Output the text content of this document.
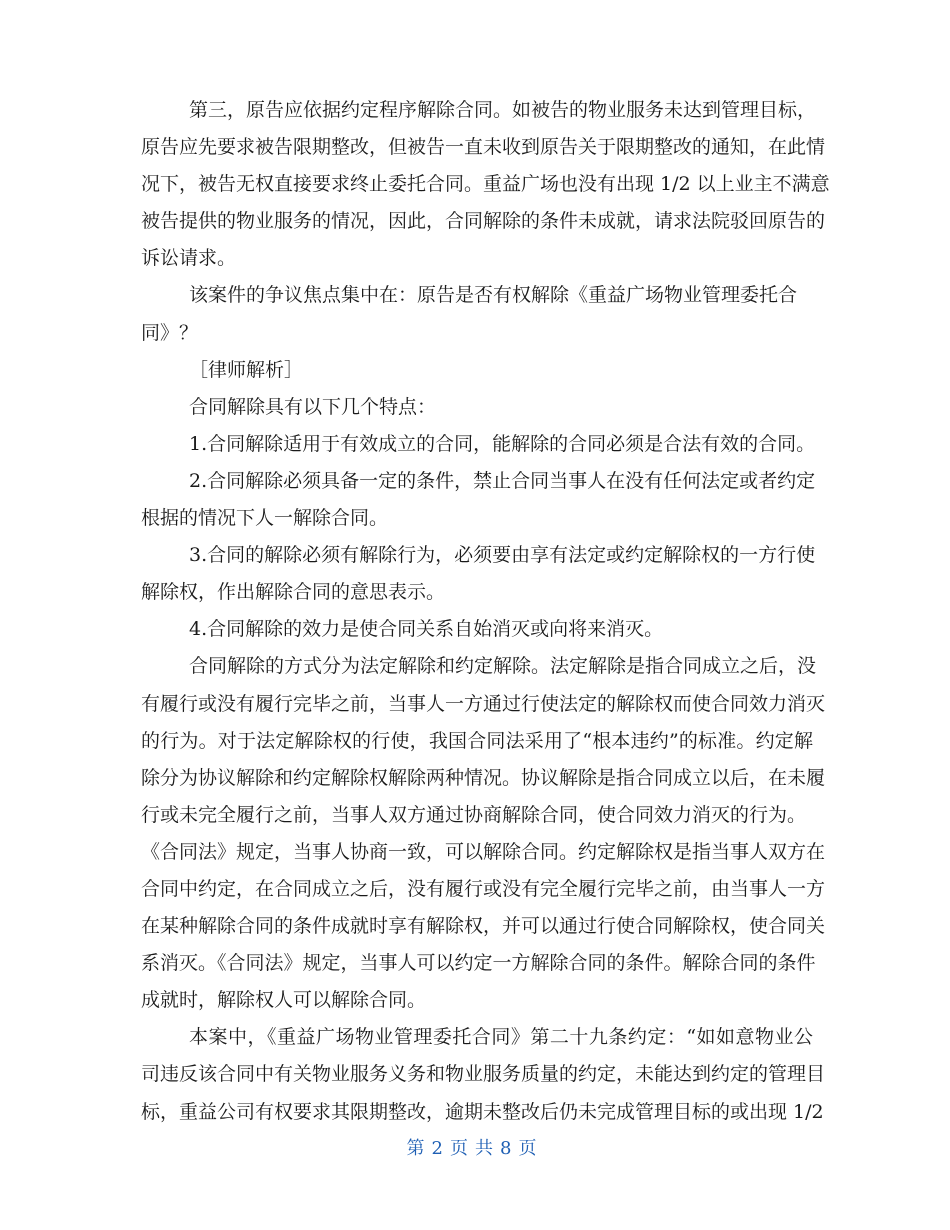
第三，原告应依据约定程序解除合同。如被告的物业服务未达到管理目标，
原告应先要求被告限期整改，但被告一直未收到原告关于限期整改的通知，在此情
况下，被告无权直接要求终止委托合同。重益广场也没有出现 1/2 以上业主不满意
被告提供的物业服务的情况，因此，合同解除的条件未成就，请求法院驳回原告的
诉讼请求。
该案件的争议焦点集中在：原告是否有权解除《重益广场物业管理委托合
同》？
［律师解析］
合同解除具有以下几个特点：
1.合同解除适用于有效成立的合同，能解除的合同必须是合法有效的合同。
2.合同解除必须具备一定的条件，禁止合同当事人在没有任何法定或者约定
根据的情况下人一解除合同。
3.合同的解除必须有解除行为，必须要由享有法定或约定解除权的一方行使
解除权，作出解除合同的意思表示。
4.合同解除的效力是使合同关系自始消灭或向将来消灭。
合同解除的方式分为法定解除和约定解除。法定解除是指合同成立之后，没
有履行或没有履行完毕之前，当事人一方通过行使法定的解除权而使合同效力消灭
的行为。对于法定解除权的行使，我国合同法采用了“根本违约”的标准。约定解
除分为协议解除和约定解除权解除两种情况。协议解除是指合同成立以后，在未履
行或未完全履行之前，当事人双方通过协商解除合同，使合同效力消灭的行为。
《合同法》规定，当事人协商一致，可以解除合同。约定解除权是指当事人双方在
合同中约定，在合同成立之后，没有履行或没有完全履行完毕之前，由当事人一方
在某种解除合同的条件成就时享有解除权，并可以通过行使合同解除权，使合同关
系消灭。《合同法》规定，当事人可以约定一方解除合同的条件。解除合同的条件
成就时，解除权人可以解除合同。
本案中，《重益广场物业管理委托合同》第二十九条约定：“如如意物业公
司违反该合同中有关物业服务义务和物业服务质量的约定，未能达到约定的管理目
标，重益公司有权要求其限期整改，逾期未整改后仍未完成管理目标的或出现 1/2
第 2 页 共 8 页
